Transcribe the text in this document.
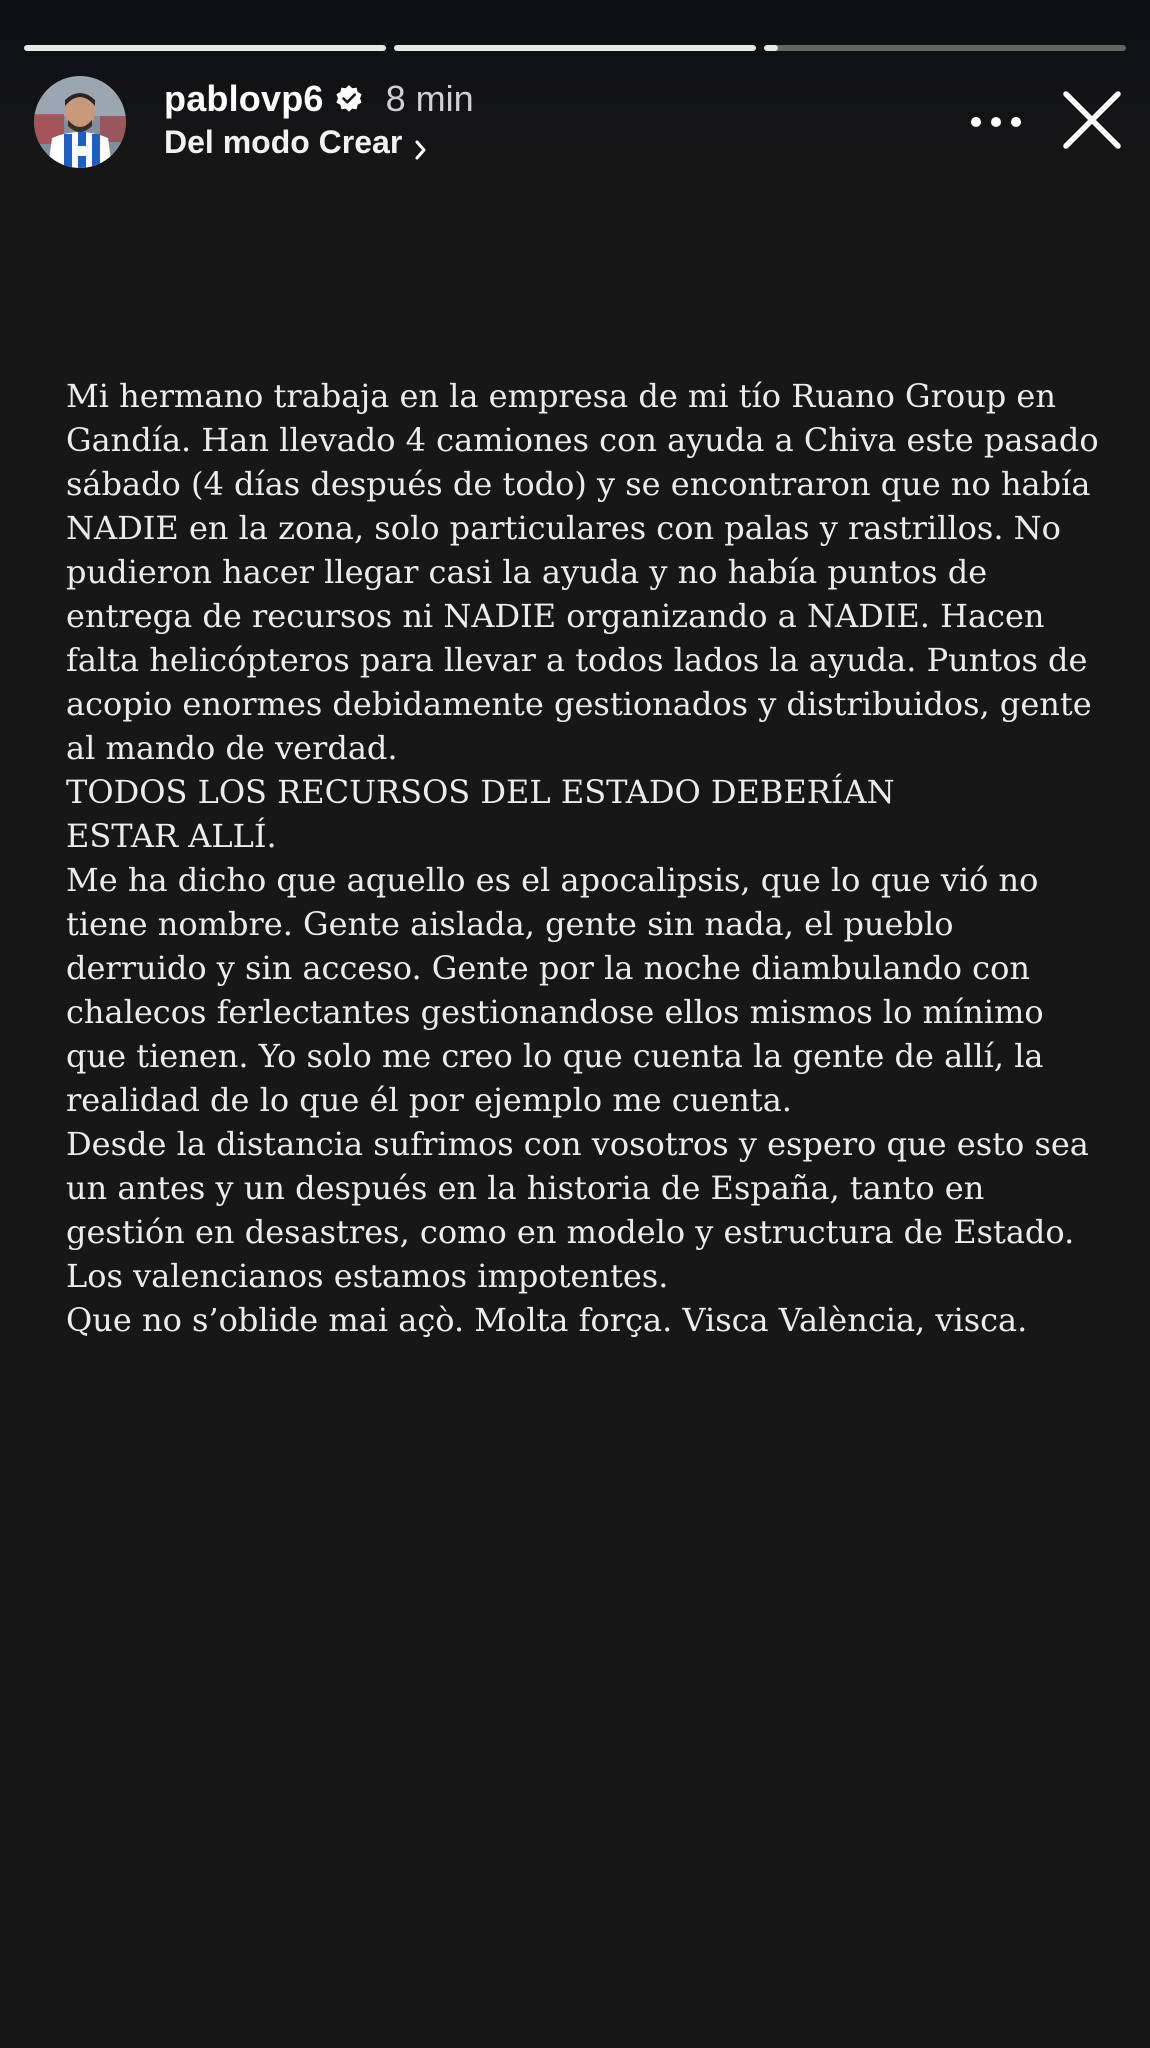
pablovp6 8 min
Del modo Crear

Mi hermano trabaja en la empresa de mi tío Ruano Group en

Gandía. Han llevado 4 camiones con ayuda a Chiva este pasado

sábado (4 días después de todo) y se encontraron que no había

NADIE en la zona, solo particulares con palas y rastrillos. No

pudieron hacer llegar casi la ayuda y no había puntos de

entrega de recursos ni NADIE organizando a NADIE. Hacen

falta helicópteros para llevar a todos lados la ayuda. Puntos de

acopio enormes debidamente gestionados y distribuidos, gente

al mando de verdad.

TODOS LOS RECURSOS DEL ESTADO DEBERÍAN

ESTAR ALLÍ.

Me ha dicho que aquello es el apocalipsis, que lo que vió no

tiene nombre. Gente aislada, gente sin nada, el pueblo

derruido y sin acceso. Gente por la noche diambulando con

chalecos ferlectantes gestionandose ellos mismos lo mínimo

que tienen. Yo solo me creo lo que cuenta la gente de allí, la

realidad de lo que él por ejemplo me cuenta.

Desde la distancia sufrimos con vosotros y espero que esto sea

un antes y un después en la historia de España, tanto en

gestión en desastres, como en modelo y estructura de Estado.

Los valencianos estamos impotentes.

Que no s’oblide mai açò. Molta força. Visca València, visca.
